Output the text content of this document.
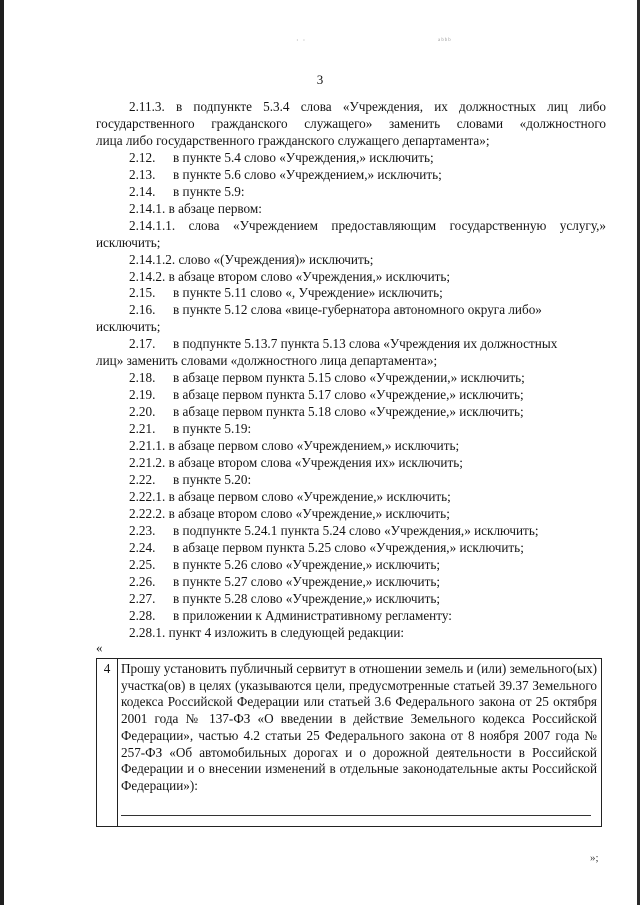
· ·	ᵃᵇᵇᵇ
3
2.11.3. в подпункте 5.3.4 слова «Учреждения, их должностных лиц либо
государственного гражданского служащего» заменить словами «должностного
лица либо государственного гражданского служащего департамента»;
2.12. в пункте 5.4 слово «Учреждения,» исключить;
2.13. в пункте 5.6 слово «Учреждением,» исключить;
2.14. в пункте 5.9:
2.14.1. в абзаце первом:
2.14.1.1. слова «Учреждением предоставляющим государственную услугу,»
исключить;
2.14.1.2. слово «(Учреждения)» исключить;
2.14.2. в абзаце втором слово «Учреждения,» исключить;
2.15. в пункте 5.11 слово «, Учреждение» исключить;
2.16. в пункте 5.12 слова «вице-губернатора автономного округа либо»
исключить;
2.17. в подпункте 5.13.7 пункта 5.13 слова «Учреждения их должностных
лиц» заменить словами «должностного лица департамента»;
2.18. в абзаце первом пункта 5.15 слово «Учреждении,» исключить;
2.19. в абзаце первом пункта 5.17 слово «Учреждение,» исключить;
2.20. в абзаце первом пункта 5.18 слово «Учреждение,» исключить;
2.21. в пункте 5.19:
2.21.1. в абзаце первом слово «Учреждением,» исключить;
2.21.2. в абзаце втором слова «Учреждения их» исключить;
2.22. в пункте 5.20:
2.22.1. в абзаце первом слово «Учреждение,» исключить;
2.22.2. в абзаце втором слово «Учреждение,» исключить;
2.23. в подпункте 5.24.1 пункта 5.24 слово «Учреждения,» исключить;
2.24. в абзаце первом пункта 5.25 слово «Учреждения,» исключить;
2.25. в пункте 5.26 слово «Учреждение,» исключить;
2.26. в пункте 5.27 слово «Учреждение,» исключить;
2.27. в пункте 5.28 слово «Учреждение,» исключить;
2.28. в приложении к Административному регламенту:
2.28.1. пункт 4 изложить в следующей редакции:
«
4	Прошу установить публичный сервитут в отношении земель и (или) земельного(ых) участка(ов) в целях (указываются цели, предусмотренные статьей 39.37 Земельного кодекса Российской Федерации или статьей 3.6 Федерального закона от 25 октября 2001 года № 137-ФЗ «О введении в действие Земельного кодекса Российской Федерации», частью 4.2 статьи 25 Федерального закона от 8 ноября 2007 года № 257-ФЗ «Об автомобильных дорогах и о дорожной деятельности в Российской Федерации и о внесении изменений в отдельные законодательные акты Российской Федерации»):
»;
